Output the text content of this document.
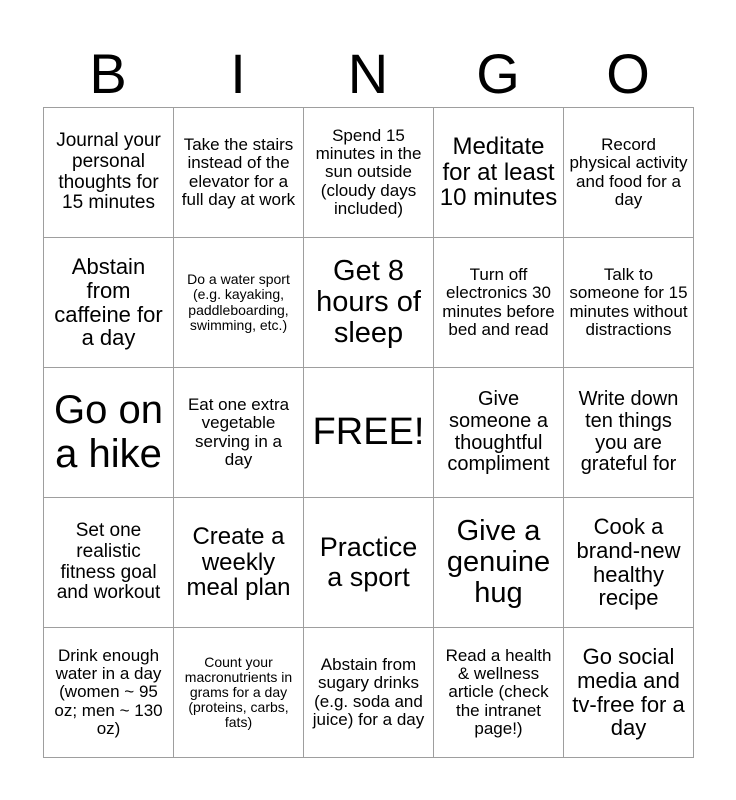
B	I	N	G	O
Journal your personal thoughts for 15 minutes	Take the stairs instead of the elevator for a full day at work	Spend 15 minutes in the sun outside (cloudy days included)	Meditate for at least 10 minutes	Record physical activity and food for a day
Abstain from caffeine for a day	Do a water sport (e.g. kayaking, paddleboarding, swimming, etc.)	Get 8 hours of sleep	Turn off electronics 30 minutes before bed and read	Talk to someone for 15 minutes without distractions
Go on a hike	Eat one extra vegetable serving in a day	FREE!	Give someone a thoughtful compliment	Write down ten things you are grateful for
Set one realistic fitness goal and workout	Create a weekly meal plan	Practice a sport	Give a genuine hug	Cook a brand-new healthy recipe
Drink enough water in a day (women ~ 95 oz; men ~ 130 oz)	Count your macronutrients in grams for a day (proteins, carbs, fats)	Abstain from sugary drinks (e.g. soda and juice) for a day	Read a health & wellness article (check the intranet page!)	Go social media and tv-free for a day
